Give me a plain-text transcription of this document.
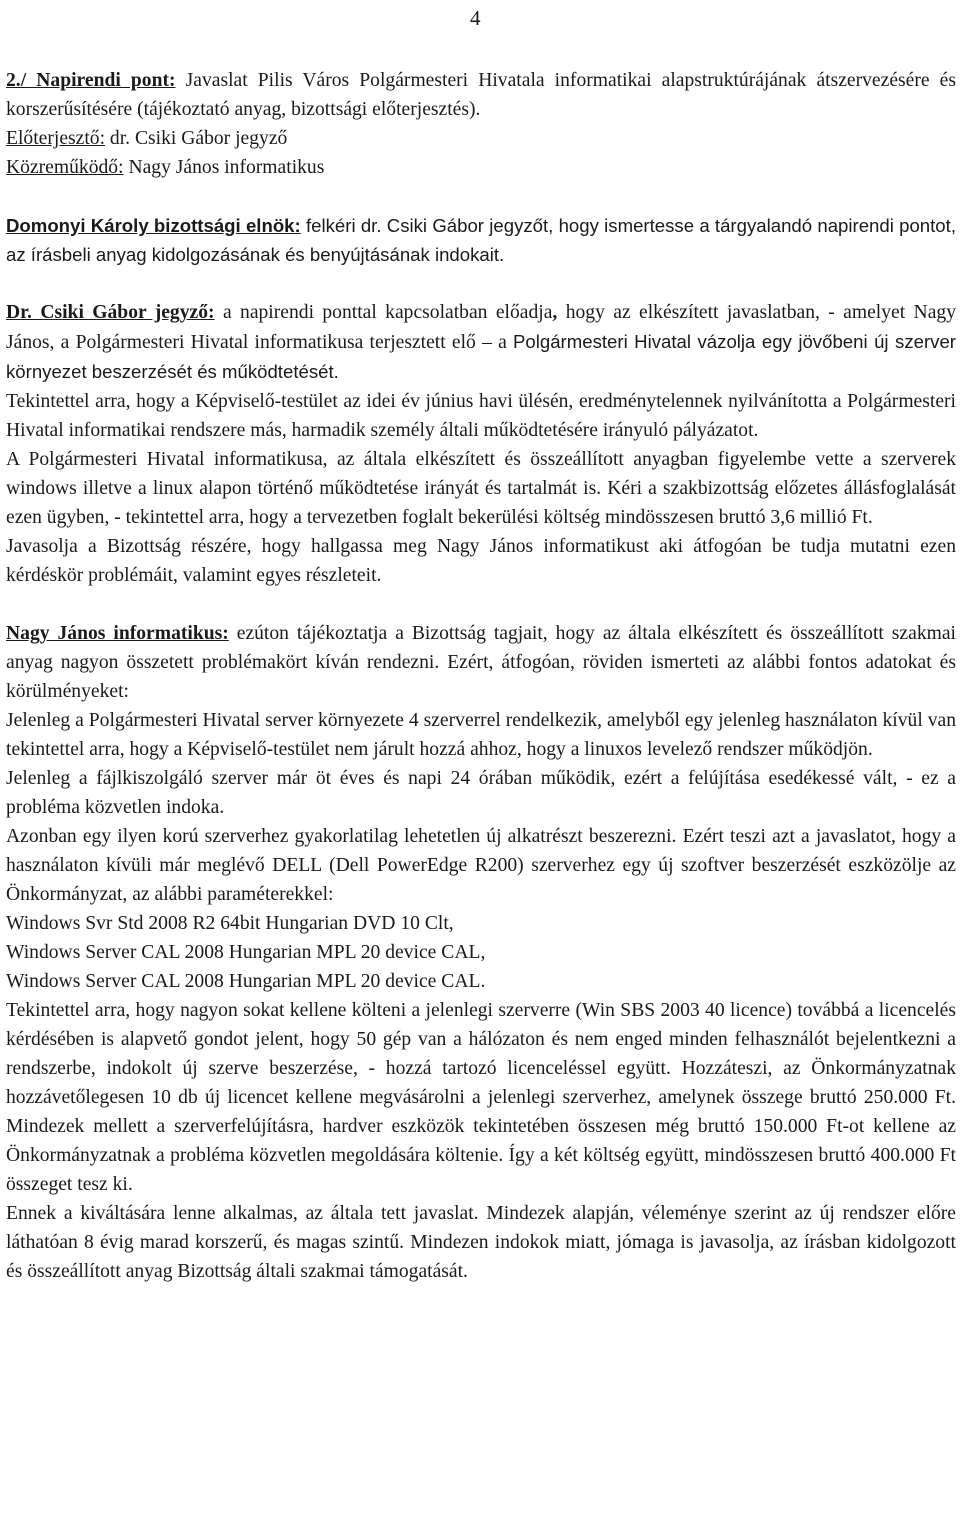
4

2./ Napirendi pont: Javaslat Pilis Város Polgármesteri Hivatala informatikai alapstruktúrájának átszervezésére és korszerűsítésére (tájékoztató anyag, bizottsági előterjesztés).

Előterjesztő: dr. Csiki Gábor jegyző

Közreműködő: Nagy János informatikus

Domonyi Károly bizottsági elnök: felkéri dr. Csiki Gábor jegyzőt, hogy ismertesse a tárgyalandó napirendi pontot, az írásbeli anyag kidolgozásának és benyújtásának indokait.

Dr. Csiki Gábor jegyző: a napirendi ponttal kapcsolatban előadja, hogy az elkészített javaslatban, - amelyet Nagy János, a Polgármesteri Hivatal informatikusa terjesztett elő – a Polgármesteri Hivatal vázolja egy jövőbeni új szerver környezet beszerzését és működtetését.

Tekintettel arra, hogy a Képviselő-testület az idei év június havi ülésén, eredménytelennek nyilvánította a Polgármesteri Hivatal informatikai rendszere más, harmadik személy általi működtetésére irányuló pályázatot.

A Polgármesteri Hivatal informatikusa, az általa elkészített és összeállított anyagban figyelembe vette a szerverek windows illetve a linux alapon történő működtetése irányát és tartalmát is. Kéri a szakbizottság előzetes állásfoglalását ezen ügyben, - tekintettel arra, hogy a tervezetben foglalt bekerülési költség mindösszesen bruttó 3,6 millió Ft.

Javasolja a Bizottság részére, hogy hallgassa meg Nagy János informatikust aki átfogóan be tudja mutatni ezen kérdéskör problémáit, valamint egyes részleteit.

Nagy János informatikus: ezúton tájékoztatja a Bizottság tagjait, hogy az általa elkészített és összeállított szakmai anyag nagyon összetett problémakört kíván rendezni. Ezért, átfogóan, röviden ismerteti az alábbi fontos adatokat és körülményeket:

Jelenleg a Polgármesteri Hivatal server környezete 4 szerverrel rendelkezik, amelyből egy jelenleg használaton kívül van tekintettel arra, hogy a Képviselő-testület nem járult hozzá ahhoz, hogy a linuxos levelező rendszer működjön.

Jelenleg a fájlkiszolgáló szerver már öt éves és napi 24 órában működik, ezért a felújítása esedékessé vált, - ez a probléma közvetlen indoka.

Azonban egy ilyen korú szerverhez gyakorlatilag lehetetlen új alkatrészt beszerezni. Ezért teszi azt a javaslatot, hogy a használaton kívüli már meglévő DELL (Dell PowerEdge R200) szerverhez egy új szoftver beszerzését eszközölje az Önkormányzat, az alábbi paraméterekkel:

Windows Svr Std 2008 R2 64bit Hungarian DVD 10 Clt,

Windows Server CAL 2008 Hungarian MPL 20 device CAL,

Windows Server CAL 2008 Hungarian MPL 20 device CAL.

Tekintettel arra, hogy nagyon sokat kellene költeni a jelenlegi szerverre (Win SBS 2003 40 licence) továbbá a licencelés kérdésében is alapvető gondot jelent, hogy 50 gép van a hálózaton és nem enged minden felhasználót bejelentkezni a rendszerbe, indokolt új szerve beszerzése, - hozzá tartozó licenceléssel együtt. Hozzáteszi, az Önkormányzatnak hozzávetőlegesen 10 db új licencet kellene megvásárolni a jelenlegi szerverhez, amelynek összege bruttó 250.000 Ft. Mindezek mellett a szerverfelújításra, hardver eszközök tekintetében összesen még bruttó 150.000 Ft-ot kellene az Önkormányzatnak a probléma közvetlen megoldására költenie. Így a két költség együtt, mindösszesen bruttó 400.000 Ft összeget tesz ki.

Ennek a kiváltására lenne alkalmas, az általa tett javaslat. Mindezek alapján, véleménye szerint az új rendszer előre láthatóan 8 évig marad korszerű, és magas szintű. Mindezen indokok miatt, jómaga is javasolja, az írásban kidolgozott és összeállított anyag Bizottság általi szakmai támogatását.
